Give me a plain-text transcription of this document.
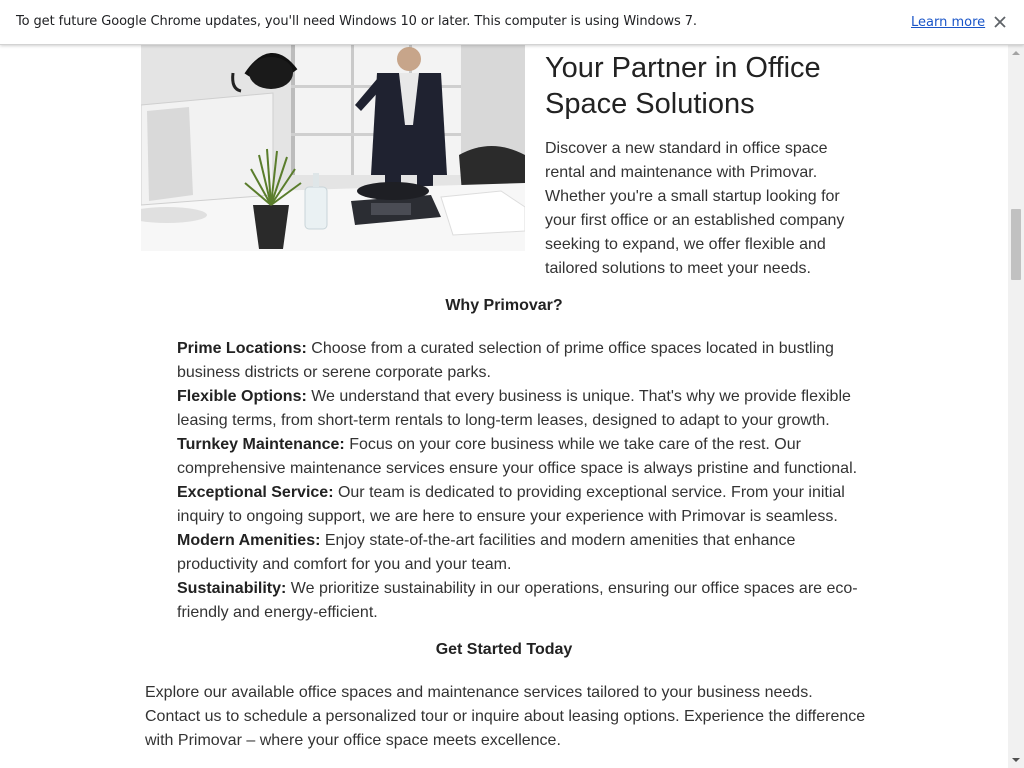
To get future Google Chrome updates, you'll need Windows 10 or later. This computer is using Windows 7.	Learn more
Your Partner in Office Space Solutions

Discover a new standard in office space rental and maintenance with Primovar. Whether you're a small startup looking for your first office or an established company seeking to expand, we offer flexible and tailored solutions to meet your needs.

Why Primovar?
Prime Locations: Choose from a curated selection of prime office spaces located in bustling business districts or serene corporate parks.
Flexible Options: We understand that every business is unique. That's why we provide flexible leasing terms, from short-term rentals to long-term leases, designed to adapt to your growth.
Turnkey Maintenance: Focus on your core business while we take care of the rest. Our comprehensive maintenance services ensure your office space is always pristine and functional.
Exceptional Service: Our team is dedicated to providing exceptional service. From your initial inquiry to ongoing support, we are here to ensure your experience with Primovar is seamless.
Modern Amenities: Enjoy state-of-the-art facilities and modern amenities that enhance productivity and comfort for you and your team.
Sustainability: We prioritize sustainability in our operations, ensuring our office spaces are eco-friendly and energy-efficient.
Get Started Today

Explore our available office spaces and maintenance services tailored to your business needs. Contact us to schedule a personalized tour or inquire about leasing options. Experience the difference with Primovar – where your office space meets excellence.
